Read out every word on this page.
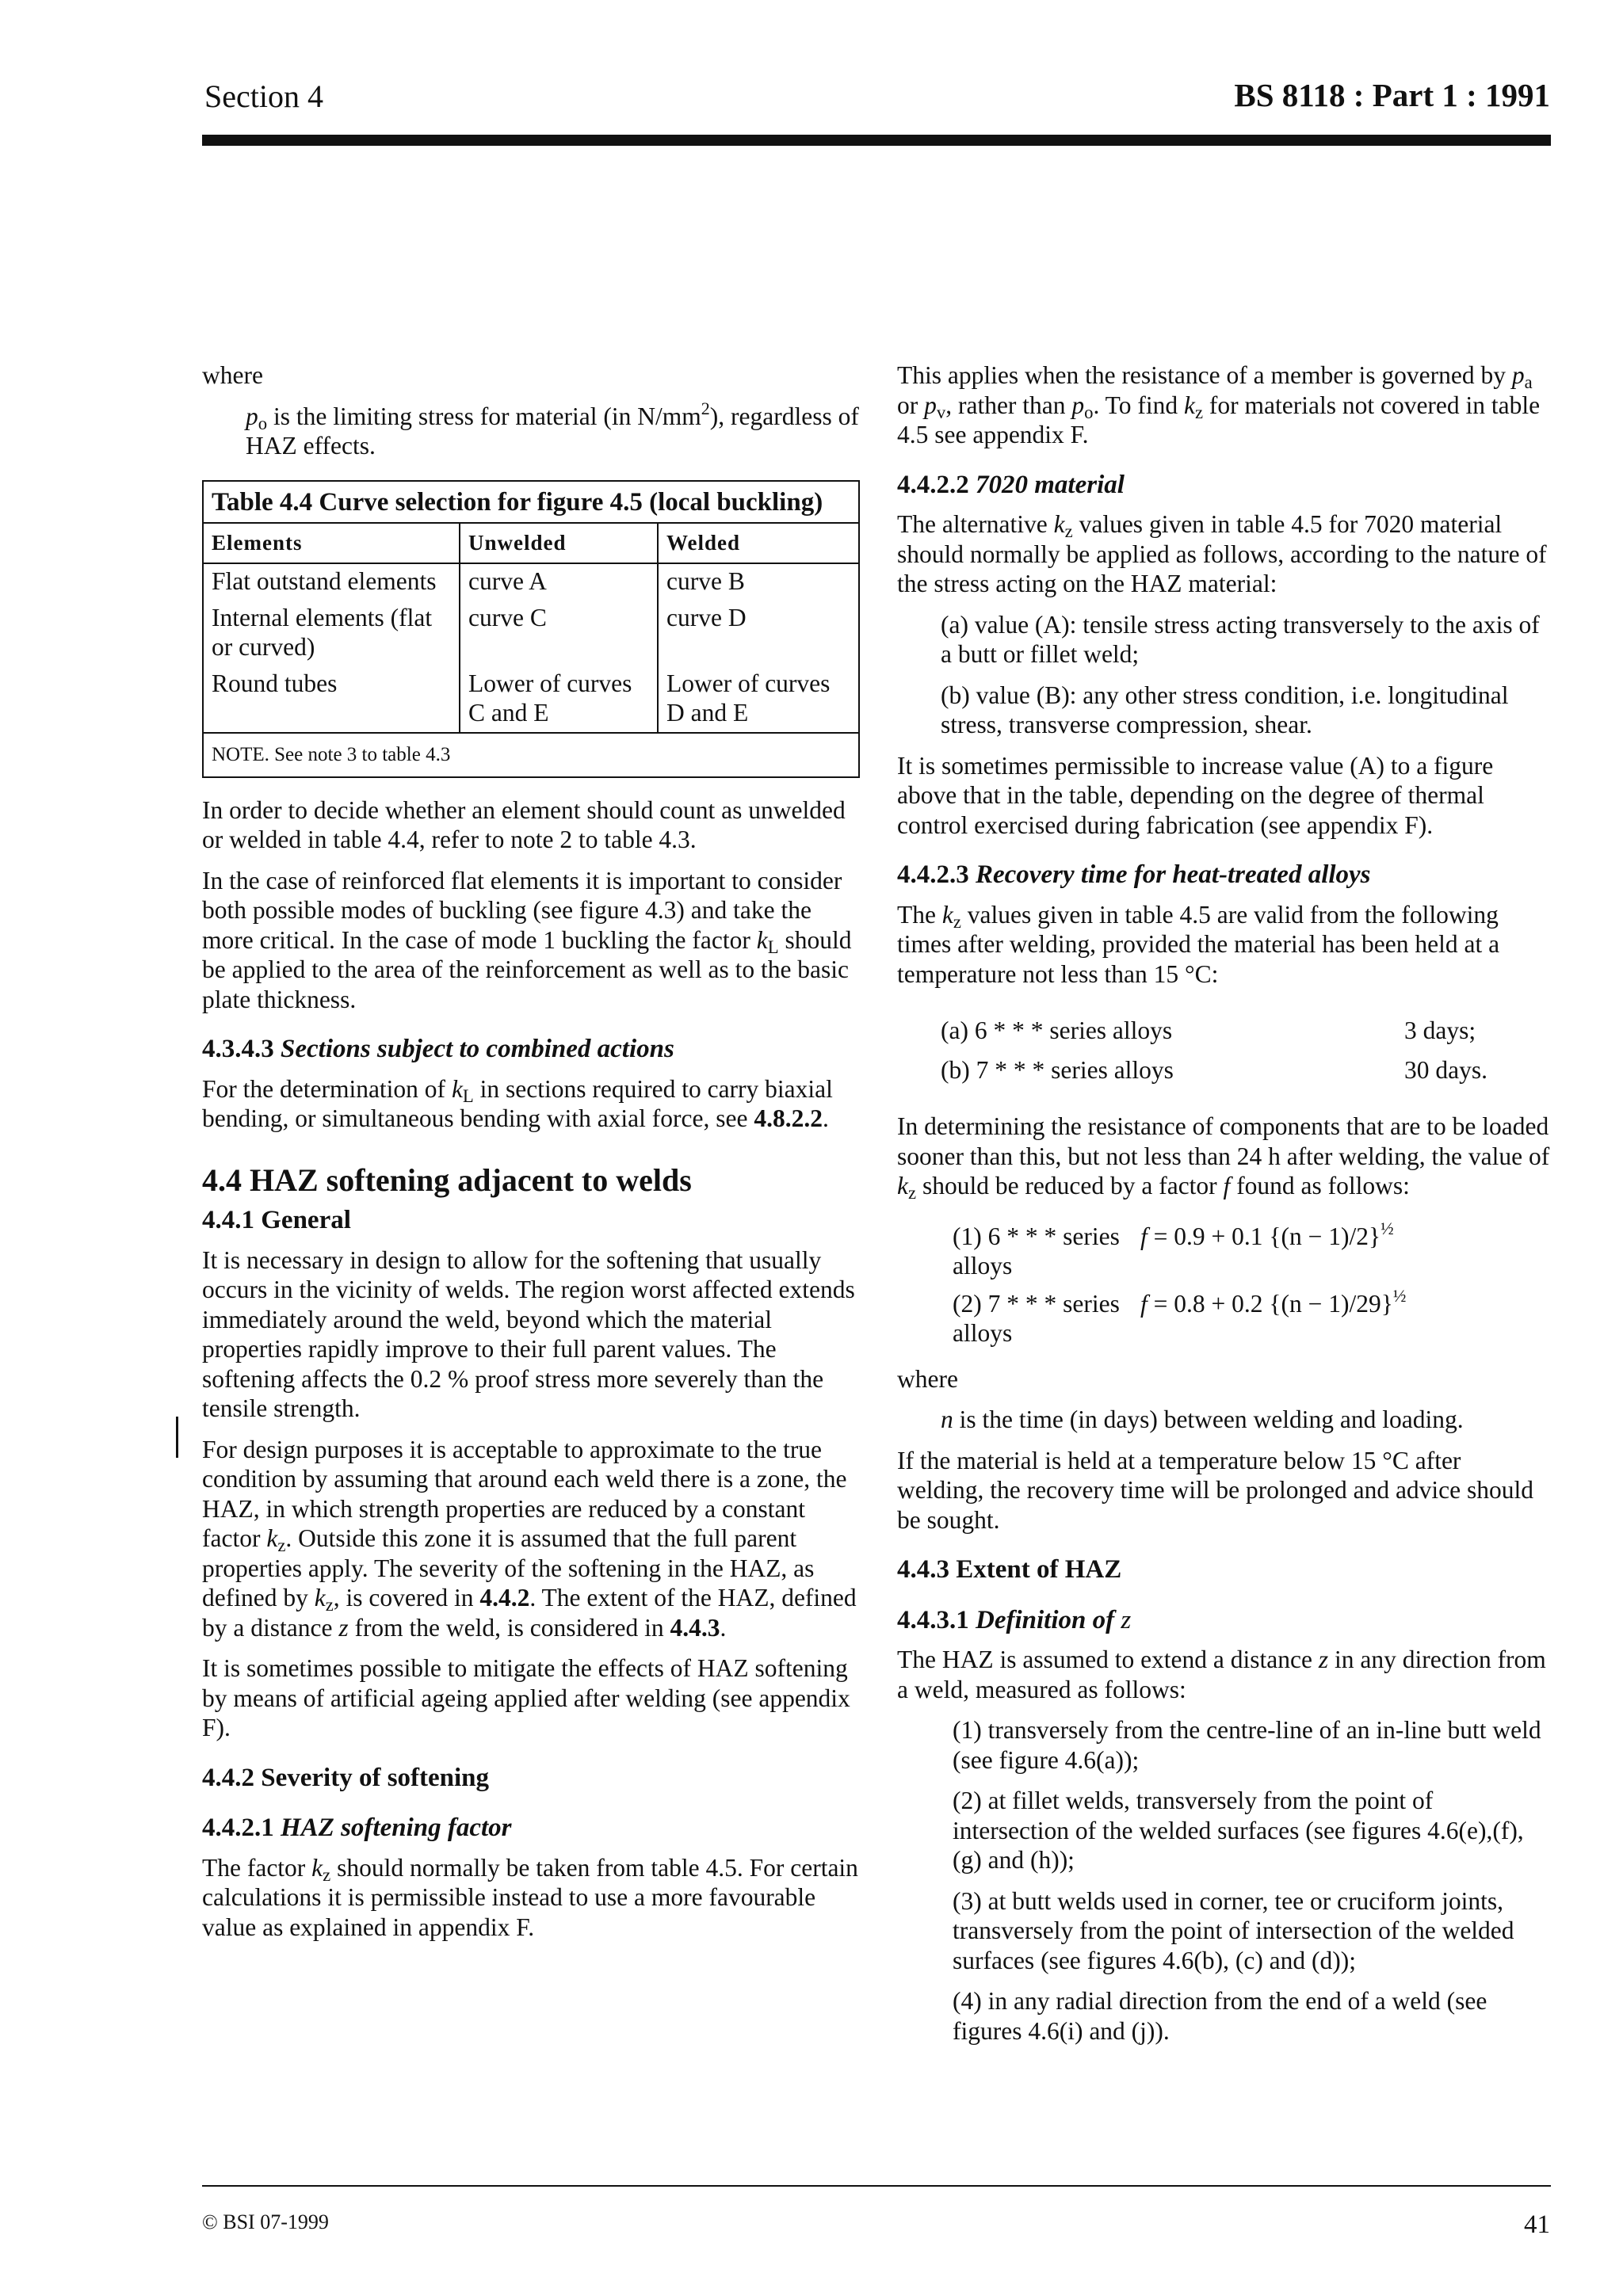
Section 4	BS 8118 : Part 1 : 1991

where

$p_o$ is the limiting stress for material (in $N/mm^2$), regardless of HAZ effects.

Table 4.4 Curve selection for figure 4.5 (local buckling)
Elements	Unwelded	Welded
Flat outstand elements	curve A	curve B
Internal elements (flat or curved)	curve C	curve D
Round tubes	Lower of curves C and E	Lower of curves D and E
NOTE. See note 3 to table 4.3

In order to decide whether an element should count as unwelded or welded in table 4.4, refer to note 2 to table 4.3.

In the case of reinforced flat elements it is important to consider both possible modes of buckling (see figure 4.3) and take the more critical. In the case of mode 1 buckling the factor $k_L$ should be applied to the area of the reinforcement as well as to the basic plate thickness.

4.3.4.3 Sections subject to combined actions

For the determination of $k_L$ in sections required to carry biaxial bending, or simultaneous bending with axial force, see 4.8.2.2.

4.4 HAZ softening adjacent to welds
4.4.1 General

It is necessary in design to allow for the softening that usually occurs in the vicinity of welds. The region worst affected extends immediately around the weld, beyond which the material properties rapidly improve to their full parent values. The softening affects the 0.2 % proof stress more severely than the tensile strength.

For design purposes it is acceptable to approximate to the true condition by assuming that around each weld there is a zone, the HAZ, in which strength properties are reduced by a constant factor $k_z$. Outside this zone it is assumed that the full parent properties apply. The severity of the softening in the HAZ, as defined by $k_z$, is covered in 4.4.2. The extent of the HAZ, defined by a distance z from the weld, is considered in 4.4.3.

It is sometimes possible to mitigate the effects of HAZ softening by means of artificial ageing applied after welding (see appendix F).

4.4.2 Severity of softening
4.4.2.1 HAZ softening factor

The factor $k_z$ should normally be taken from table 4.5. For certain calculations it is permissible instead to use a more favourable value as explained in appendix F.

This applies when the resistance of a member is governed by $p_a$ or $p_v$, rather than $p_o$. To find $k_z$ for materials not covered in table 4.5 see appendix F.

4.4.2.2 7020 material

The alternative $k_z$ values given in table 4.5 for 7020 material should normally be applied as follows, according to the nature of the stress acting on the HAZ material:

(a) value (A): tensile stress acting transversely to the axis of a butt or fillet weld;

(b) value (B): any other stress condition, i.e. longitudinal stress, transverse compression, shear.

It is sometimes permissible to increase value (A) to a figure above that in the table, depending on the degree of thermal control exercised during fabrication (see appendix F).

4.4.2.3 Recovery time for heat-treated alloys

The $k_z$ values given in table 4.5 are valid from the following times after welding, provided the material has been held at a temperature not less than 15 °C:

(a) 6 * * * series alloys	3 days;
(b) 7 * * * series alloys	30 days.

In determining the resistance of components that are to be loaded sooner than this, but not less than 24 h after welding, the value of $k_z$ should be reduced by a factor f found as follows:

(1) 6 * * * series alloys
f = 0.9 + 0.1 $\{(n - 1)/2\}^{\frac{1}{2}}$
(2) 7 * * * series alloys
f = 0.8 + 0.2 $\{(n - 1)/29\}^{\frac{1}{2}}$

where

n is the time (in days) between welding and loading.

If the material is held at a temperature below 15 °C after welding, the recovery time will be prolonged and advice should be sought.

4.4.3 Extent of HAZ
4.4.3.1 Definition of z

The HAZ is assumed to extend a distance z in any direction from a weld, measured as follows:

(1) transversely from the centre-line of an in-line butt weld (see figure 4.6(a));

(2) at fillet welds, transversely from the point of intersection of the welded surfaces (see figures 4.6(e),(f),(g) and (h));

(3) at butt welds used in corner, tee or cruciform joints, transversely from the point of intersection of the welded surfaces (see figures 4.6(b), (c) and (d));

(4) in any radial direction from the end of a weld (see figures 4.6(i) and (j)).

© BSI 07-1999	41
